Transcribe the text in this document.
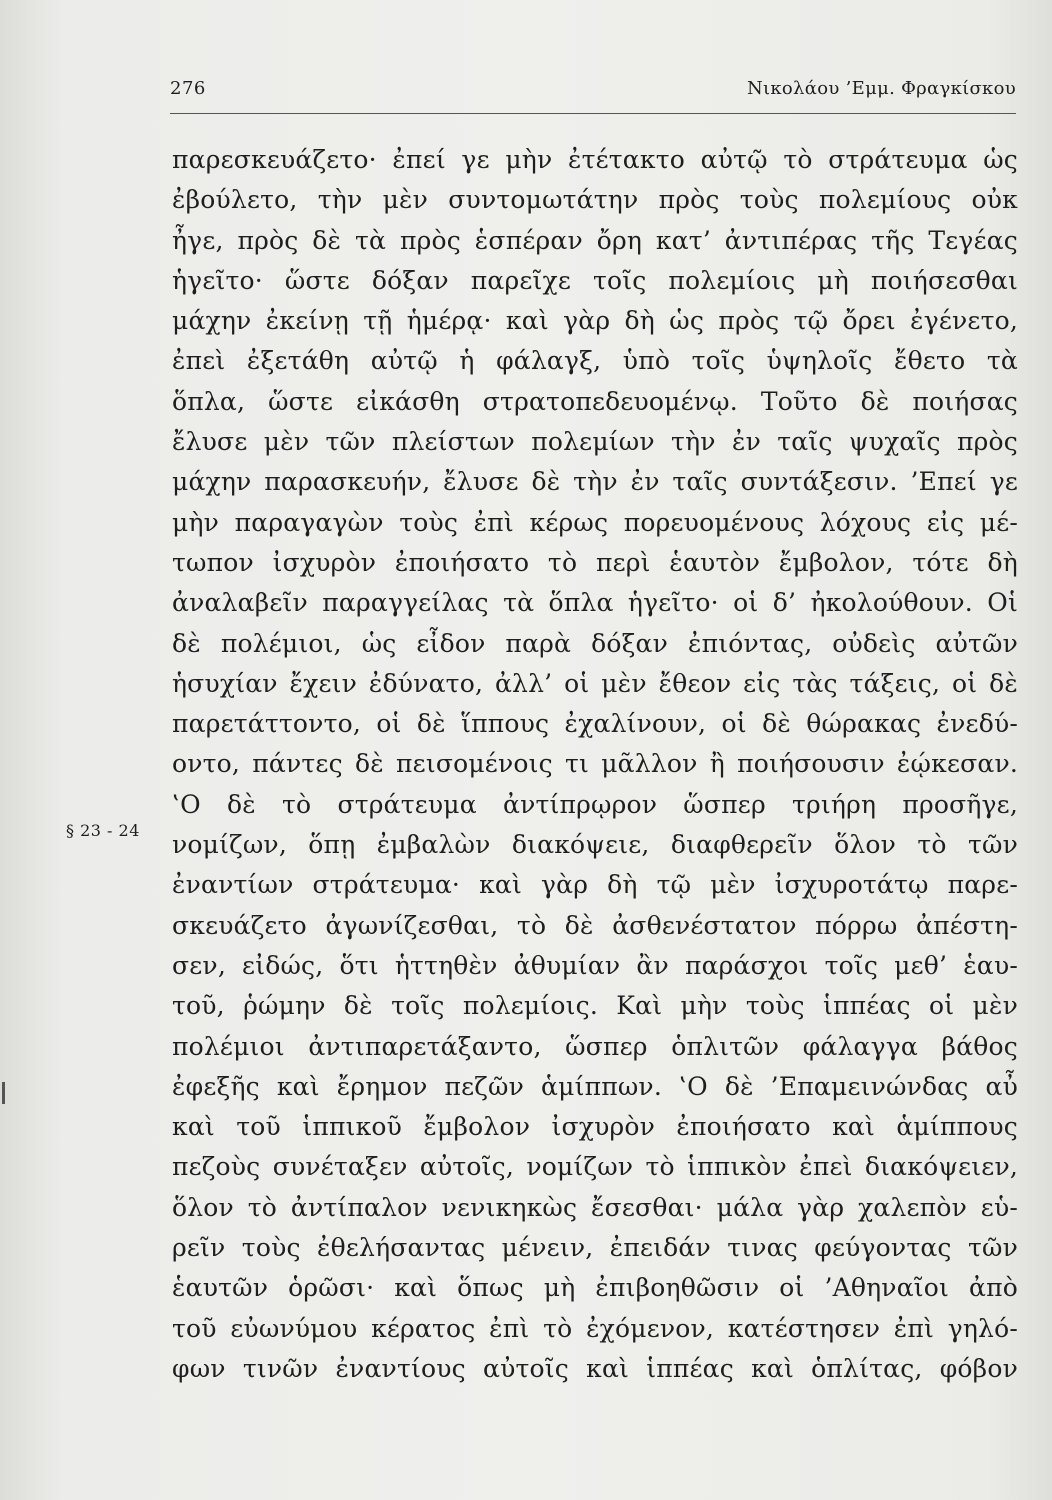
276	Νικολάου ’Εμμ. Φραγκίσκου
§ 23 - 24
παρεσκευάζετο· ἐπεί γε μὴν ἐτέτακτο αὐτῷ τὸ στράτευμα ὡς
ἐβούλετο, τὴν μὲν συντομωτάτην πρὸς τοὺς πολεμίους οὐκ
ἦγε, πρὸς δὲ τὰ πρὸς ἑσπέραν ὄρη κατ’ ἀντιπέρας τῆς Τεγέας
ἡγεῖτο· ὥστε δόξαν παρεῖχε τοῖς πολεμίοις μὴ ποιήσεσθαι
μάχην ἐκείνῃ τῇ ἡμέρᾳ· καὶ γὰρ δὴ ὡς πρὸς τῷ ὄρει ἐγένετο,
ἐπεὶ ἐξετάθη αὐτῷ ἡ φάλαγξ, ὑπὸ τοῖς ὑψηλοῖς ἔθετο τὰ
ὅπλα, ὥστε εἰκάσθη στρατοπεδευομένῳ. Τοῦτο δὲ ποιήσας
ἔλυσε μὲν τῶν πλείστων πολεμίων τὴν ἐν ταῖς ψυχαῖς πρὸς
μάχην παρασκευήν, ἔλυσε δὲ τὴν ἐν ταῖς συντάξεσιν. ’Επεί γε
μὴν παραγαγὼν τοὺς ἐπὶ κέρως πορευομένους λόχους εἰς μέ-
τωπον ἰσχυρὸν ἐποιήσατο τὸ περὶ ἑαυτὸν ἔμβολον, τότε δὴ
ἀναλαβεῖν παραγγείλας τὰ ὅπλα ἡγεῖτο· οἱ δ’ ἠκολούθουν. Οἱ
δὲ πολέμιοι, ὡς εἶδον παρὰ δόξαν ἐπιόντας, οὐδεὶς αὐτῶν
ἡσυχίαν ἔχειν ἐδύνατο, ἀλλ’ οἱ μὲν ἔθεον εἰς τὰς τάξεις, οἱ δὲ
παρετάττοντο, οἱ δὲ ἵππους ἐχαλίνουν, οἱ δὲ θώρακας ἐνεδύ-
οντο, πάντες δὲ πεισομένοις τι μᾶλλον ἢ ποιήσουσιν ἐῴκεσαν.
‛Ο δὲ τὸ στράτευμα ἀντίπρῳρον ὥσπερ τριήρη προσῆγε,
νομίζων, ὅπῃ ἐμβαλὼν διακόψειε, διαφθερεῖν ὅλον τὸ τῶν
ἐναντίων στράτευμα· καὶ γὰρ δὴ τῷ μὲν ἰσχυροτάτῳ παρε-
σκευάζετο ἀγωνίζεσθαι, τὸ δὲ ἀσθενέστατον πόρρω ἀπέστη-
σεν, εἰδώς, ὅτι ἡττηθὲν ἀθυμίαν ἂν παράσχοι τοῖς μεθ’ ἑαυ-
τοῦ, ῥώμην δὲ τοῖς πολεμίοις. Καὶ μὴν τοὺς ἱππέας οἱ μὲν
πολέμιοι ἀντιπαρετάξαντο, ὥσπερ ὁπλιτῶν φάλαγγα βάθος
ἐφεξῆς καὶ ἔρημον πεζῶν ἁμίππων. ‛Ο δὲ ’Επαμεινώνδας αὖ
καὶ τοῦ ἱππικοῦ ἔμβολον ἰσχυρὸν ἐποιήσατο καὶ ἁμίππους
πεζοὺς συνέταξεν αὐτοῖς, νομίζων τὸ ἱππικὸν ἐπεὶ διακόψειεν,
ὅλον τὸ ἀντίπαλον νενικηκὼς ἔσεσθαι· μάλα γὰρ χαλεπὸν εὑ-
ρεῖν τοὺς ἐθελήσαντας μένειν, ἐπειδάν τινας φεύγοντας τῶν
ἑαυτῶν ὁρῶσι· καὶ ὅπως μὴ ἐπιβοηθῶσιν οἱ ’Αθηναῖοι ἀπὸ
τοῦ εὐωνύμου κέρατος ἐπὶ τὸ ἐχόμενον, κατέστησεν ἐπὶ γηλό-
φων τινῶν ἐναντίους αὐτοῖς καὶ ἱππέας καὶ ὁπλίτας, φόβον
